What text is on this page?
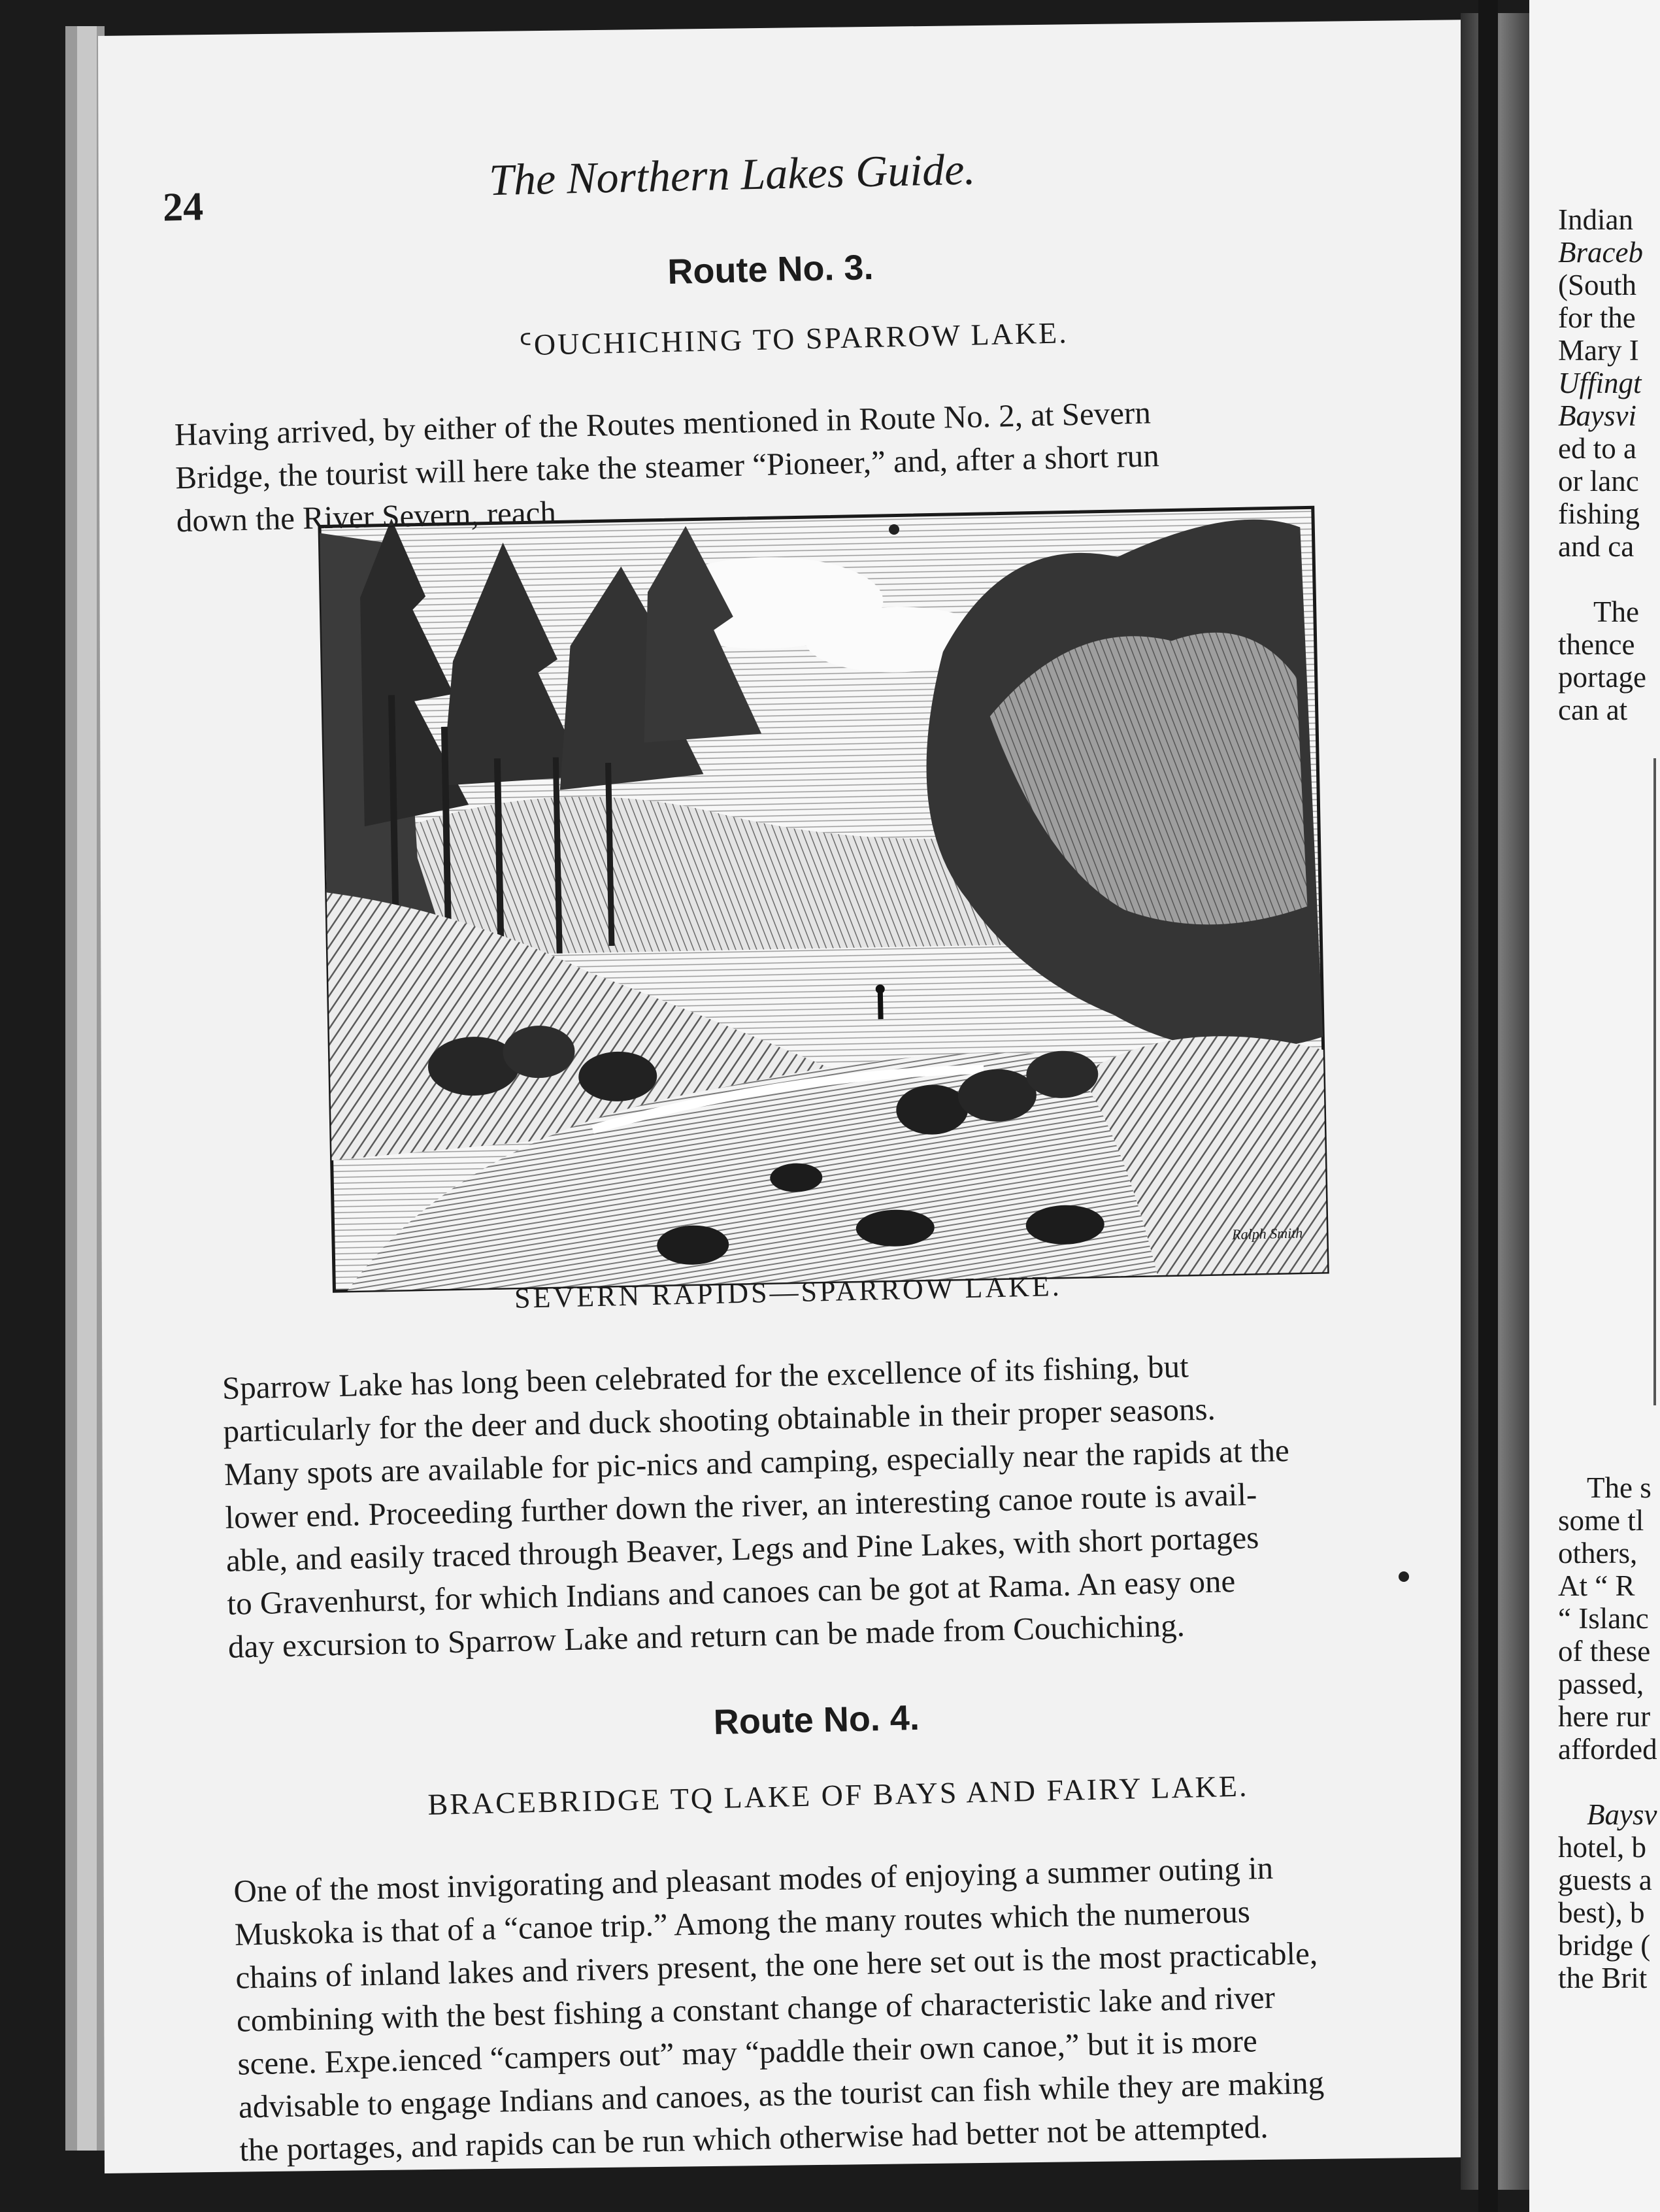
24
The Northern Lakes Guide.
Route No. 3.
ᑦOUCHICHING TO SPARROW LAKE.
Having arrived, by either of the Routes mentioned in Route No. 2, at Severn
Bridge, the tourist will here take the steamer “Pioneer,” and, after a short run
down the River Severn, reach
SEVERN RAPIDS—SPARROW LAKE.
Ralph Smith
Sparrow Lake has long been celebrated for the excellence of its fishing, but
particularly for the deer and duck shooting obtainable in their proper seasons.
Many spots are available for pic-nics and camping, especially near the rapids at the
lower end. Proceeding further down the river, an interesting canoe route is avail-
able, and easily traced through Beaver, Legs and Pine Lakes, with short portages
to Gravenhurst, for which Indians and canoes can be got at Rama. An easy one
day excursion to Sparrow Lake and return can be made from Couchiching.
Route No. 4.
BRACEBRIDGE TQ LAKE OF BAYS AND FAIRY LAKE.
One of the most invigorating and pleasant modes of enjoying a summer outing in
Muskoka is that of a “canoe trip.” Among the many routes which the numerous
chains of inland lakes and rivers present, the one here set out is the most practicable,
combining with the best fishing a constant change of characteristic lake and river
scene. Expe.ienced “campers out” may “paddle their own canoe,” but it is more
advisable to engage Indians and canoes, as the tourist can fish while they are making
the portages, and rapids can be run which otherwise had better not be attempted.
Indian
Braceb
(South
for the
Mary I
Uffingt
Baysvi
ed to a
or lanc
fishing
and ca
The
thence
portage
can at
The s
some tl
others,
At “ R
“ Islanc
of these
passed,
here rur
afforded
Baysv
hotel, b
guests a
best), b
bridge (
the Brit
